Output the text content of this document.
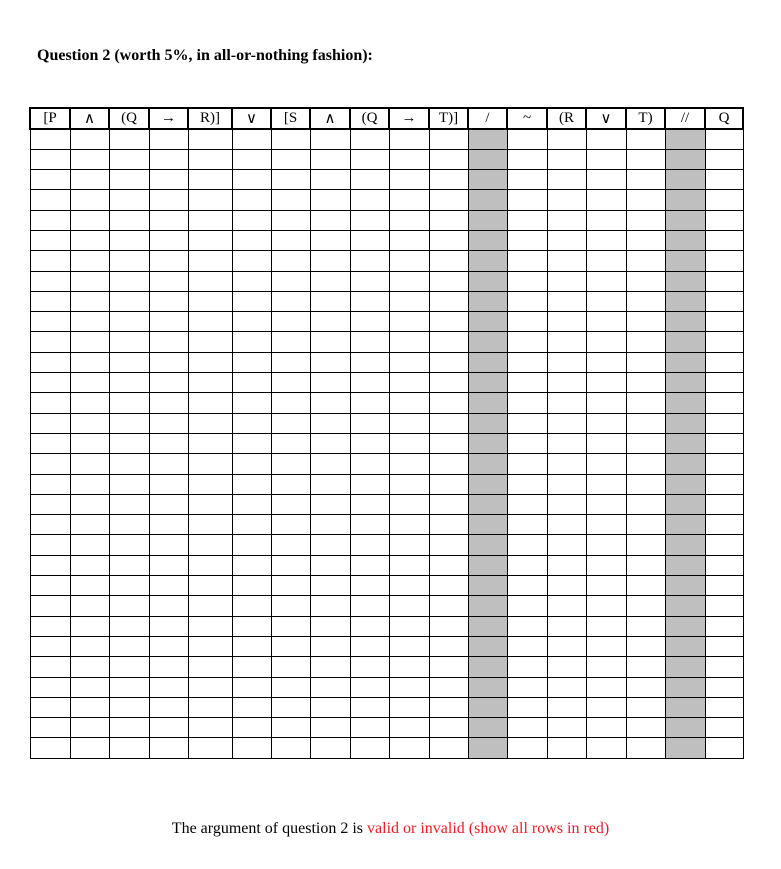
Question 2 (worth 5%, in all-or-nothing fashion):
[P	∧	(Q	→	R)]	∨	[S	∧	(Q	→	T)]	/	~	(R	∨	T)	//	Q

The argument of question 2 is valid or invalid (show all rows in red)
